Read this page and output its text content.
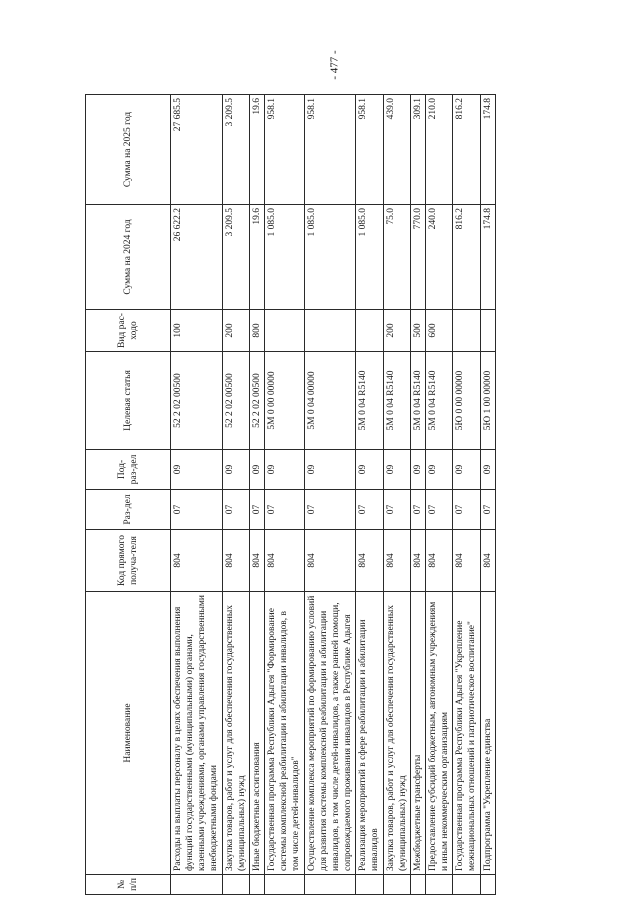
- 477 -
№ п/п	Наименование	Код прямого получа-теля	Раз-дел	Под-раз-дел	Целевая статья	Вид рас-ходо	Сумма на 2024 год	Сумма на 2025 год
	Расходы на выплаты персоналу в целях обеспечения выполнения функций государственными (муниципальными) органами, казенными учреждениями, органами управления государственными внебюджетными фондами	804	07	09	52 2 02 00500	100	26 622.2	27 685.5
	Закупка товаров, работ и услуг для обеспечения государственных (муниципальных) нужд	804	07	09	52 2 02 00500	200	3 209.5	3 209.5
	Иные бюджетные ассигнования	804	07	09	52 2 02 00500	800	19.6	19.6
	Государственная программа Республики Адыгея "Формирование системы комплексной реабилитации и абилитации инвалидов, в том числе детей-инвалидов"	804	07	09	5М 0 00 00000		1 085.0	958.1
	Осуществление комплекса мероприятий по формированию условий для развития системы комплексной реабилитации и абилитации инвалидов, в том числе детей-инвалидов, а также ранней помощи, сопровождаемого проживания инвалидов в Республике Адыгея	804	07	09	5М 0 04 00000		1 085.0	958.1
	Реализация мероприятий в сфере реабилитации и абилитации инвалидов	804	07	09	5М 0 04 R5140		1 085.0	958.1
	Закупка товаров, работ и услуг для обеспечения государственных (муниципальных) нужд	804	07	09	5М 0 04 R5140	200	75.0	439.0
	Межбюджетные трансферты	804	07	09	5М 0 04 R5140	500	770.0	309.1
	Предоставление субсидий бюджетным, автономным учреждениям и иным некоммерческим организациям	804	07	09	5М 0 04 R5140	600	240.0	210.0
	Государственная программа Республики Адыгея "Укрепление межнациональных отношений и патриотическое воспитание"	804	07	09	5Ю 0 00 00000		816.2	816.2
	Подпрограмма "Укрепление единства	804	07	09	5Ю 1 00 00000		174.8	174.8
